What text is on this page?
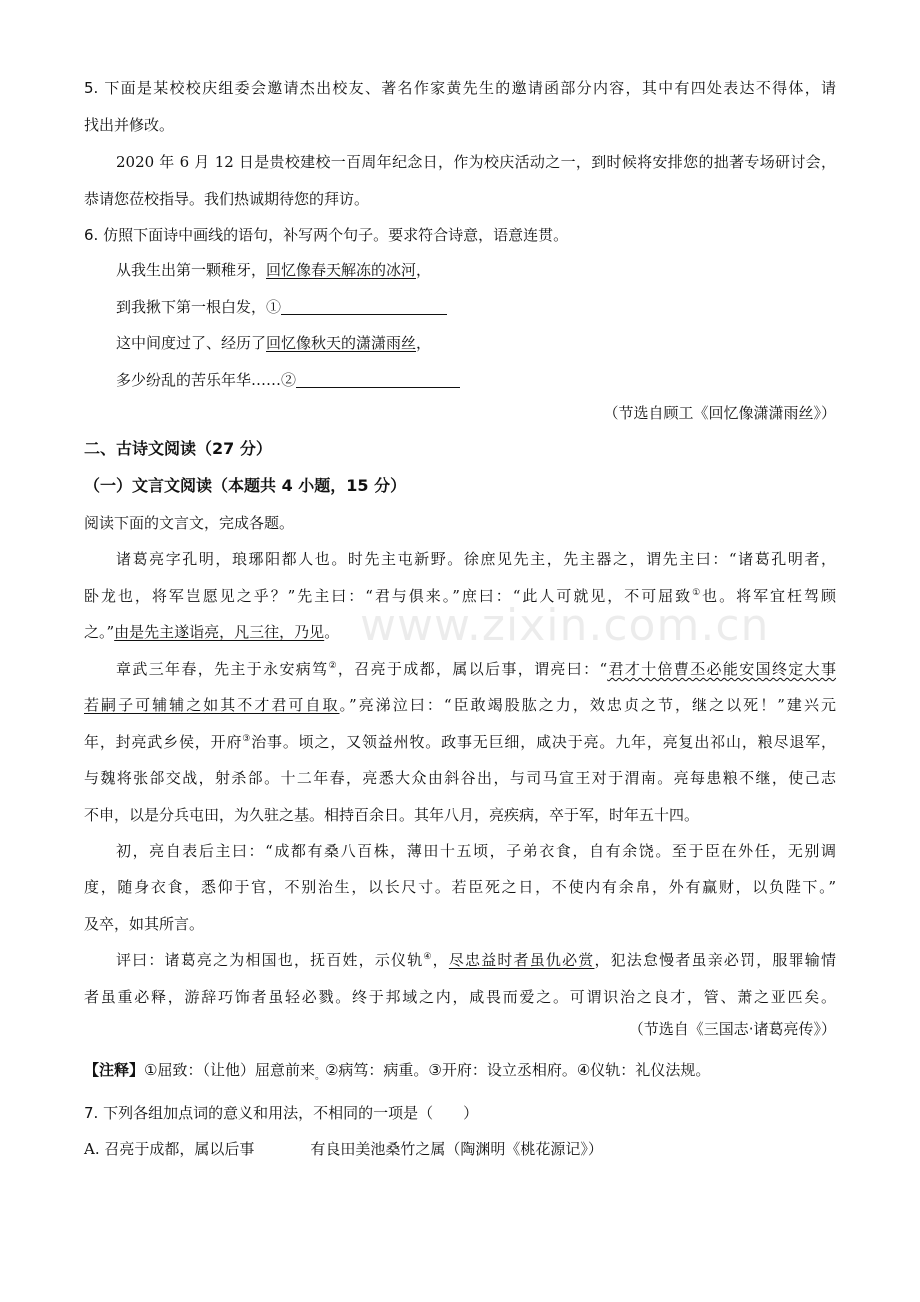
5. 下面是某校校庆组委会邀请杰出校友、著名作家黄先生的邀请函部分内容，其中有四处表达不得体，请
找出并修改。
2020 年 6 月 12 日是贵校建校一百周年纪念日，作为校庆活动之一，到时候将安排您的拙著专场研讨会，
恭请您莅校指导。我们热诚期待您的拜访。
6. 仿照下面诗中画线的语句，补写两个句子。要求符合诗意，语意连贯。
从我生出第一颗稚牙，回忆像春天解冻的冰河，
到我揪下第一根白发，①
这中间度过了、经历了回忆像秋天的潇潇雨丝，
多少纷乱的苦乐年华……②
（节选自顾工《回忆像潇潇雨丝》）
二、古诗文阅读（27 分）
（一）文言文阅读（本题共 4 小题，15 分）
阅读下面的文言文，完成各题。
诸葛亮字孔明，琅琊阳都人也。时先主屯新野。徐庶见先主，先主器之，谓先主曰：“诸葛孔明者，
卧龙也，将军岂愿见之乎？”先主曰：“君与俱来。”庶曰：“此人可就见，不可屈致①也。将军宜枉驾顾
之。”由是先主遂诣亮，凡三往，乃见。
章武三年春，先主于永安病笃②，召亮于成都，属以后事，谓亮曰：“君才十倍曹丕必能安国终定大事
若嗣子可辅辅之如其不才君可自取。”亮涕泣曰：“臣敢竭股肱之力，效忠贞之节，继之以死！”建兴元
年，封亮武乡侯，开府③治事。顷之，又领益州牧。政事无巨细，咸决于亮。九年，亮复出祁山，粮尽退军，
与魏将张郃交战，射杀郃。十二年春，亮悉大众由斜谷出，与司马宣王对于渭南。亮每患粮不继，使己志
不申，以是分兵屯田，为久驻之基。相持百余日。其年八月，亮疾病，卒于军，时年五十四。
初，亮自表后主曰：“成都有桑八百株，薄田十五顷，子弟衣食，自有余饶。至于臣在外任，无别调
度，随身衣食，悉仰于官，不别治生，以长尺寸。若臣死之日，不使内有余帛，外有赢财，以负陛下。”
及卒，如其所言。
评曰：诸葛亮之为相国也，抚百姓，示仪轨④，尽忠益时者虽仇必赏，犯法怠慢者虽亲必罚，服罪输情
者虽重必释，游辞巧饰者虽轻必戮。终于邦域之内，咸畏而爱之。可谓识治之良才，管、萧之亚匹矣。
（节选自《三国志·诸葛亮传》）
【注释】①屈致：（让他）屈意前来$_。$②病笃：病重。③开府：设立丞相府。④仪轨：礼仪法规。
7. 下列各组加点词的意义和用法，不相同的一项是（　　）
A. 召亮于成都，属以后事	有良田美池桑竹之属（陶渊明《桃花源记》）
www.zixin.com.cn
